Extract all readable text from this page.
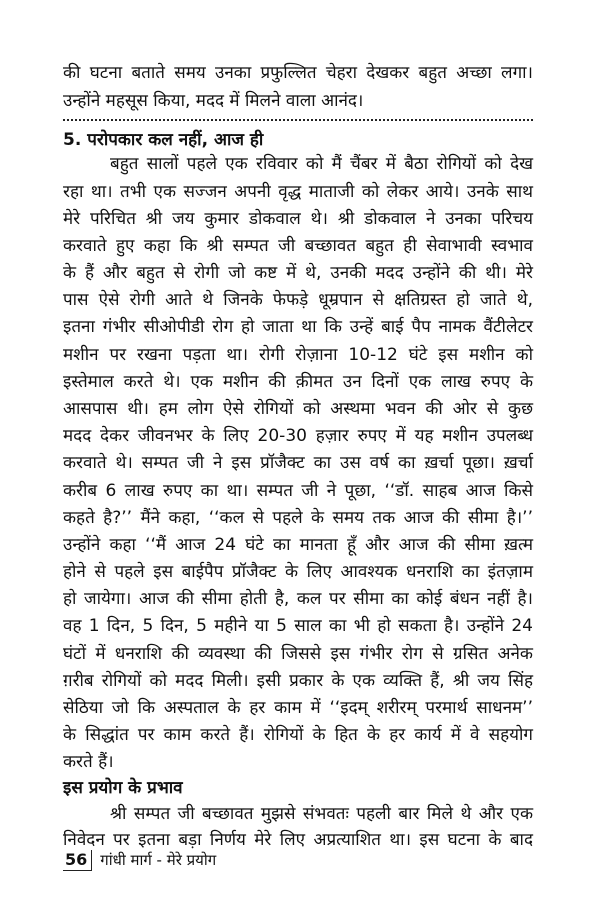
की घटना बताते समय उनका प्रफुल्लित चेहरा देखकर बहुत अच्छा लगा।
उन्होंने महसूस किया, मदद में मिलने वाला आनंद।
5. परोपकार कल नहीं, आज ही
बहुत सालों पहले एक रविवार को मैं चैंबर में बैठा रोगियों को देख
रहा था। तभी एक सज्जन अपनी वृद्ध माताजी को लेकर आये। उनके साथ
मेरे परिचित श्री जय कुमार डोकवाल थे। श्री डोकवाल ने उनका परिचय
करवाते हुए कहा कि श्री सम्पत जी बच्छावत बहुत ही सेवाभावी स्वभाव
के हैं और बहुत से रोगी जो कष्ट में थे, उनकी मदद उन्होंने की थी। मेरे
पास ऐसे रोगी आते थे जिनके फेफड़े धूम्रपान से क्षतिग्रस्त हो जाते थे,
इतना गंभीर सीओपीडी रोग हो जाता था कि उन्हें बाई पैप नामक वैंटीलेटर
मशीन पर रखना पड़ता था। रोगी रोज़ाना 10-12 घंटे इस मशीन को
इस्तेमाल करते थे। एक मशीन की क़ीमत उन दिनों एक लाख रुपए के
आसपास थी। हम लोग ऐसे रोगियों को अस्थमा भवन की ओर से कुछ
मदद देकर जीवनभर के लिए 20-30 हज़ार रुपए में यह मशीन उपलब्ध
करवाते थे। सम्पत जी ने इस प्रॉजैक्ट का उस वर्ष का ख़र्चा पूछा। ख़र्चा
करीब 6 लाख रुपए का था। सम्पत जी ने पूछा, ‘‘डॉ. साहब आज किसे
कहते है?’’ मैंने कहा, ‘‘कल से पहले के समय तक आज की सीमा है।’’
उन्होंने कहा ‘‘मैं आज 24 घंटे का मानता हूँ और आज की सीमा ख़त्म
होने से पहले इस बाईपैप प्रॉजैक्ट के लिए आवश्यक धनराशि का इंतज़ाम
हो जायेगा। आज की सीमा होती है, कल पर सीमा का कोई बंधन नहीं है।
वह 1 दिन, 5 दिन, 5 महीने या 5 साल का भी हो सकता है। उन्होंने 24
घंटों में धनराशि की व्यवस्था की जिससे इस गंभीर रोग से ग्रसित अनेक
ग़रीब रोगियों को मदद मिली। इसी प्रकार के एक व्यक्ति हैं, श्री जय सिंह
सेठिया जो कि अस्पताल के हर काम में ‘‘इदम् शरीरम् परमार्थ साधनम’’
के सिद्धांत पर काम करते हैं। रोगियों के हित के हर कार्य में वे सहयोग
करते हैं।
इस प्रयोग के प्रभाव
श्री सम्पत जी बच्छावत मुझसे संभवतः पहली बार मिले थे और एक
निवेदन पर इतना बड़ा निर्णय मेरे लिए अप्रत्याशित था। इस घटना के बाद
56 गांधी मार्ग - मेरे प्रयोग
